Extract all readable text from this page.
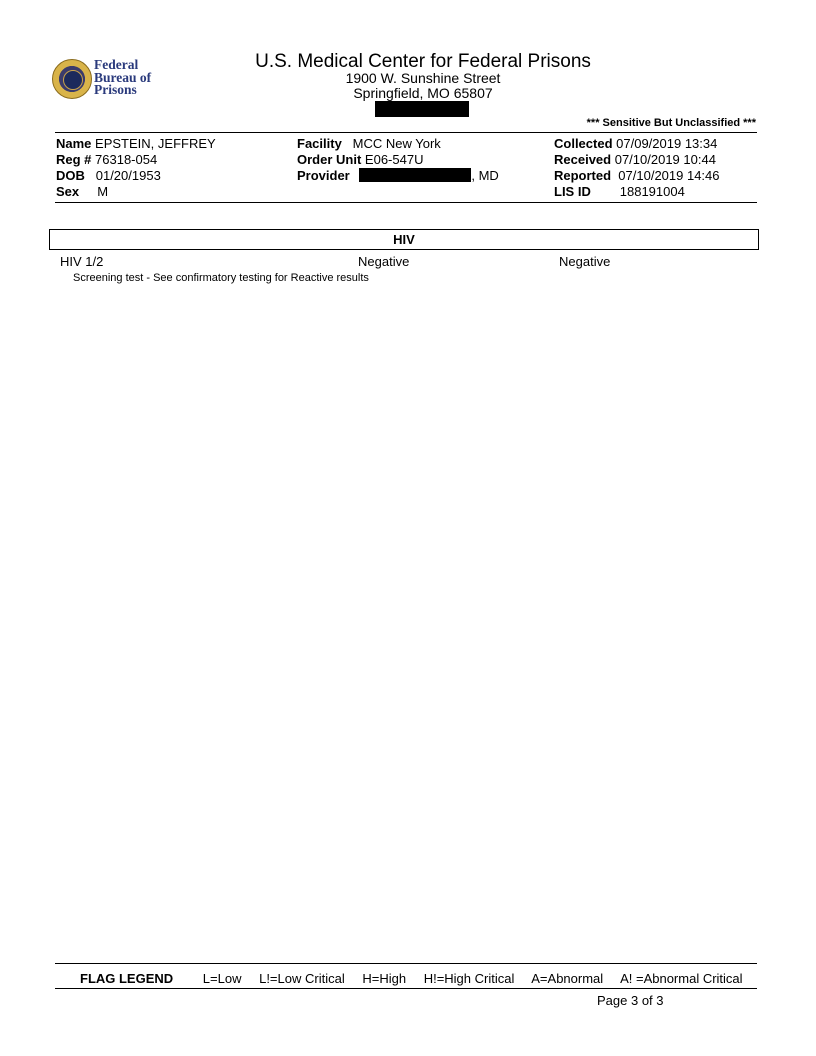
Federal Bureau of Prisons
U.S. Medical Center for Federal Prisons
1900 W. Sunshine Street
Springfield, MO 65807
*** Sensitive But Unclassified ***
Name EPSTEIN, JEFFREY
Reg # 76318-054
DOB 01/20/1953
Sex M
Facility MCC New York
Order Unit E06-547U
Provider	, MD
Collected 07/09/2019 13:34
Received 07/10/2019 10:44
Reported 07/10/2019 14:46
LIS ID 188191004
HIV
HIV 1/2	Negative	Negative
Screening test - See confirmatory testing for Reactive results
FLAG LEGEND L=Low L!=Low Critical H=High H!=High Critical A=Abnormal A! =Abnormal Critical
Page 3 of 3
